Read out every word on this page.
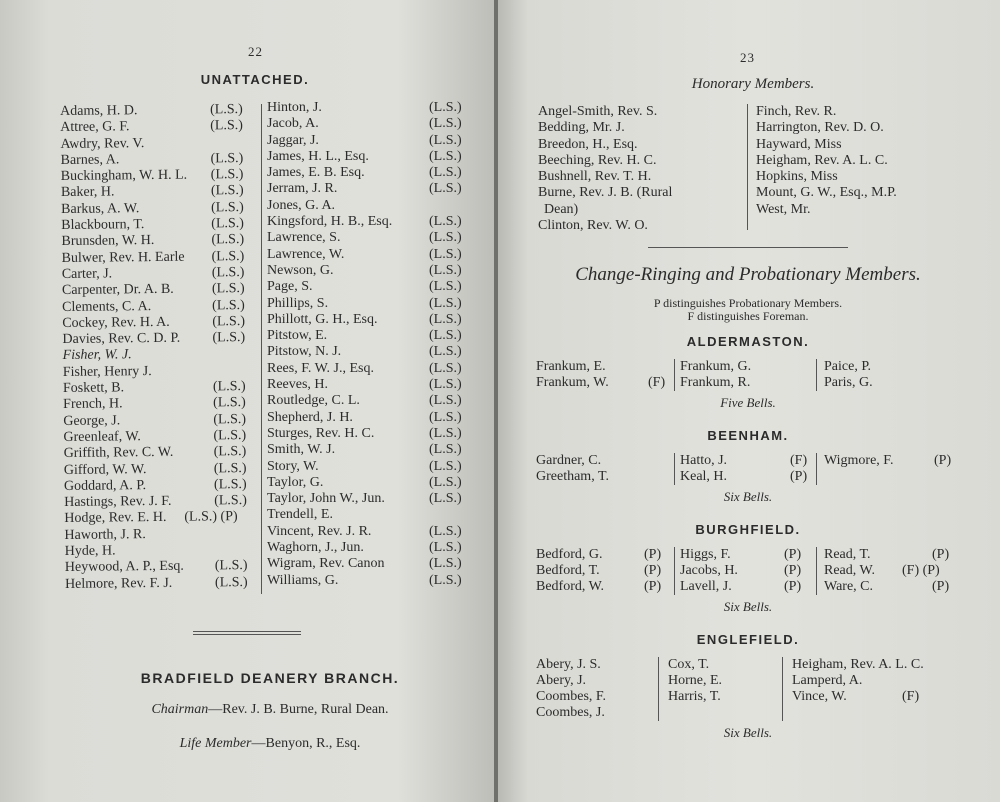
22
UNATTACHED.
Adams, H. D.	(L.S.)
Attree, G. F.	(L.S.)
Awdry, Rev. V.
Barnes, A.	(L.S.)
Buckingham, W. H. L. (L.S.)
Baker, H.	(L.S.)
Barkus, A. W.	(L.S.)
Blackbourn, T.	(L.S.)
Brunsden, W. H.	(L.S.)
Bulwer, Rev. H. Earle (L.S.)
Carter, J.	(L.S.)
Carpenter, Dr. A. B.	(L.S.)
Clements, C. A.	(L.S.)
Cockey, Rev. H. A.	(L.S.)
Davies, Rev. C. D. P. (L.S.)
Fisher, W. J.
Fisher, Henry J.
Foskett, B.	(L.S.)
French, H.	(L.S.)
George, J.	(L.S.)
Greenleaf, W.	(L.S.)
Griffith, Rev. C. W.	(L.S.)
Gifford, W. W.	(L.S.)
Goddard, A. P.	(L.S.)
Hastings, Rev. J. F.	(L.S.)
Hodge, Rev. E. H. (L.S.) (P)
Haworth, J. R.
Hyde, H.
Heywood, A. P., Esq. (L.S.)
Helmore, Rev. F. J.	(L.S.)
Hinton, J.	(L.S.)
Jacob, A.	(L.S.)
Jaggar, J.	(L.S.)
James, H. L., Esq.	(L.S.)
James, E. B. Esq.	(L.S.)
Jerram, J. R.	(L.S.)
Jones, G. A.
Kingsford, H. B., Esq.	(L.S.)
Lawrence, S.	(L.S.)
Lawrence, W.	(L.S.)
Newson, G.	(L.S.)
Page, S.	(L.S.)
Phillips, S.	(L.S.)
Phillott, G. H., Esq.	(L.S.)
Pitstow, E.	(L.S.)
Pitstow, N. J.	(L.S.)
Rees, F. W. J., Esq.	(L.S.)
Reeves, H.	(L.S.)
Routledge, C. L.	(L.S.)
Shepherd, J. H.	(L.S.)
Sturges, Rev. H. C.	(L.S.)
Smith, W. J.	(L.S.)
Story, W.	(L.S.)
Taylor, G.	(L.S.)
Taylor, John W., Jun.	(L.S.)
Trendell, E.
Vincent, Rev. J. R.	(L.S.)
Waghorn, J., Jun.	(L.S.)
Wigram, Rev. Canon	(L.S.)
Williams, G.	(L.S.)
BRADFIELD DEANERY BRANCH.
Chairman—Rev. J. B. Burne, Rural Dean.
Life Member—Benyon, R., Esq.
23
Honorary Members.
Angel-Smith, Rev. S.
Bedding, Mr. J.
Breedon, H., Esq.
Beeching, Rev. H. C.
Bushnell, Rev. T. H.
Burne, Rev. J. B. (Rural
Dean)
Clinton, Rev. W. O.
Finch, Rev. R.
Harrington, Rev. D. O.
Hayward, Miss
Heigham, Rev. A. L. C.
Hopkins, Miss
Mount, G. W., Esq., M.P.
West, Mr.
Change-Ringing and Probationary Members.
P distinguishes Probationary Members.
F distinguishes Foreman.
ALDERMASTON.
Frankum, E.
Frankum, W.	(F)
Frankum, G.
Frankum, R.
Paice, P.
Paris, G.
Five Bells.
BEENHAM.
Gardner, C.
Greetham, T.
Hatto, J.	(F)
Keal, H.	(P)
Wigmore, F.	(P)
Six Bells.
BURGHFIELD.
Bedford, G.	(P)
Bedford, T.	(P)
Bedford, W.	(P)
Higgs, F.	(P)
Jacobs, H.	(P)
Lavell, J.	(P)
Read, T.	(P)
Read, W. (F) (P)
Ware, C.	(P)
Six Bells.
ENGLEFIELD.
Abery, J. S.
Abery, J.
Coombes, F.
Coombes, J.
Cox, T.
Horne, E.
Harris, T.
Heigham, Rev. A. L. C.
Lamperd, A.
Vince, W.	(F)
Six Bells.
